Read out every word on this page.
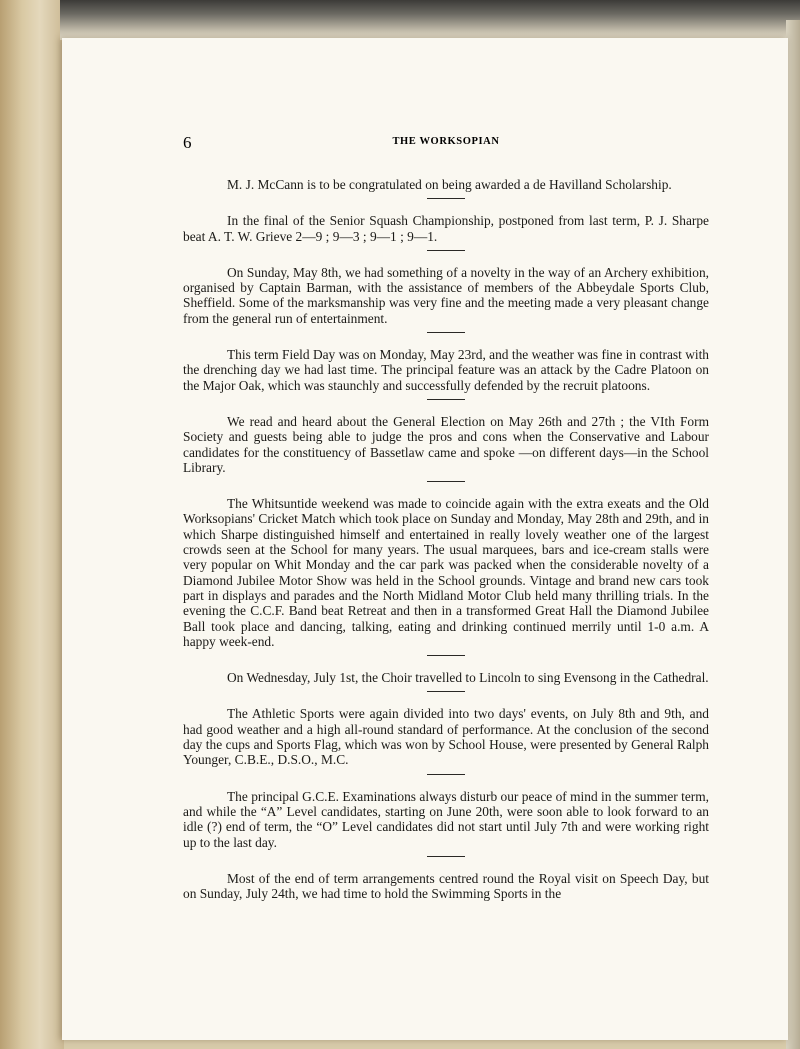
6	THE WORKSOPIAN

M. J. McCann is to be congratulated on being awarded a de Havilland Scholarship.

In the final of the Senior Squash Championship, postponed from last term, P. J. Sharpe beat A. T. W. Grieve 2—9 ; 9—3 ; 9—1 ; 9—1.

On Sunday, May 8th, we had something of a novelty in the way of an Archery exhibition, organised by Captain Barman, with the assistance of members of the Abbeydale Sports Club, Sheffield. Some of the marksmanship was very fine and the meeting made a very pleasant change from the general run of entertainment.

This term Field Day was on Monday, May 23rd, and the weather was fine in contrast with the drenching day we had last time. The principal feature was an attack by the Cadre Platoon on the Major Oak, which was staunchly and successfully defended by the recruit platoons.

We read and heard about the General Election on May 26th and 27th ; the VIth Form Society and guests being able to judge the pros and cons when the Conservative and Labour candidates for the constituency of Bassetlaw came and spoke —on different days—in the School Library.

The Whitsuntide weekend was made to coincide again with the extra exeats and the Old Worksopians' Cricket Match which took place on Sunday and Monday, May 28th and 29th, and in which Sharpe distinguished himself and entertained in really lovely weather one of the largest crowds seen at the School for many years. The usual marquees, bars and ice-cream stalls were very popular on Whit Monday and the car park was packed when the considerable novelty of a Diamond Jubilee Motor Show was held in the School grounds. Vintage and brand new cars took part in displays and parades and the North Midland Motor Club held many thrilling trials. In the evening the C.C.F. Band beat Retreat and then in a transformed Great Hall the Diamond Jubilee Ball took place and dancing, talking, eating and drinking continued merrily until 1-0 a.m. A happy week-end.

On Wednesday, July 1st, the Choir travelled to Lincoln to sing Evensong in the Cathedral.

The Athletic Sports were again divided into two days' events, on July 8th and 9th, and had good weather and a high all-round standard of performance. At the conclusion of the second day the cups and Sports Flag, which was won by School House, were presented by General Ralph Younger, C.B.E., D.S.O., M.C.

The principal G.C.E. Examinations always disturb our peace of mind in the summer term, and while the “A” Level candidates, starting on June 20th, were soon able to look forward to an idle (?) end of term, the “O” Level candidates did not start until July 7th and were working right up to the last day.

Most of the end of term arrangements centred round the Royal visit on Speech Day, but on Sunday, July 24th, we had time to hold the Swimming Sports in the
